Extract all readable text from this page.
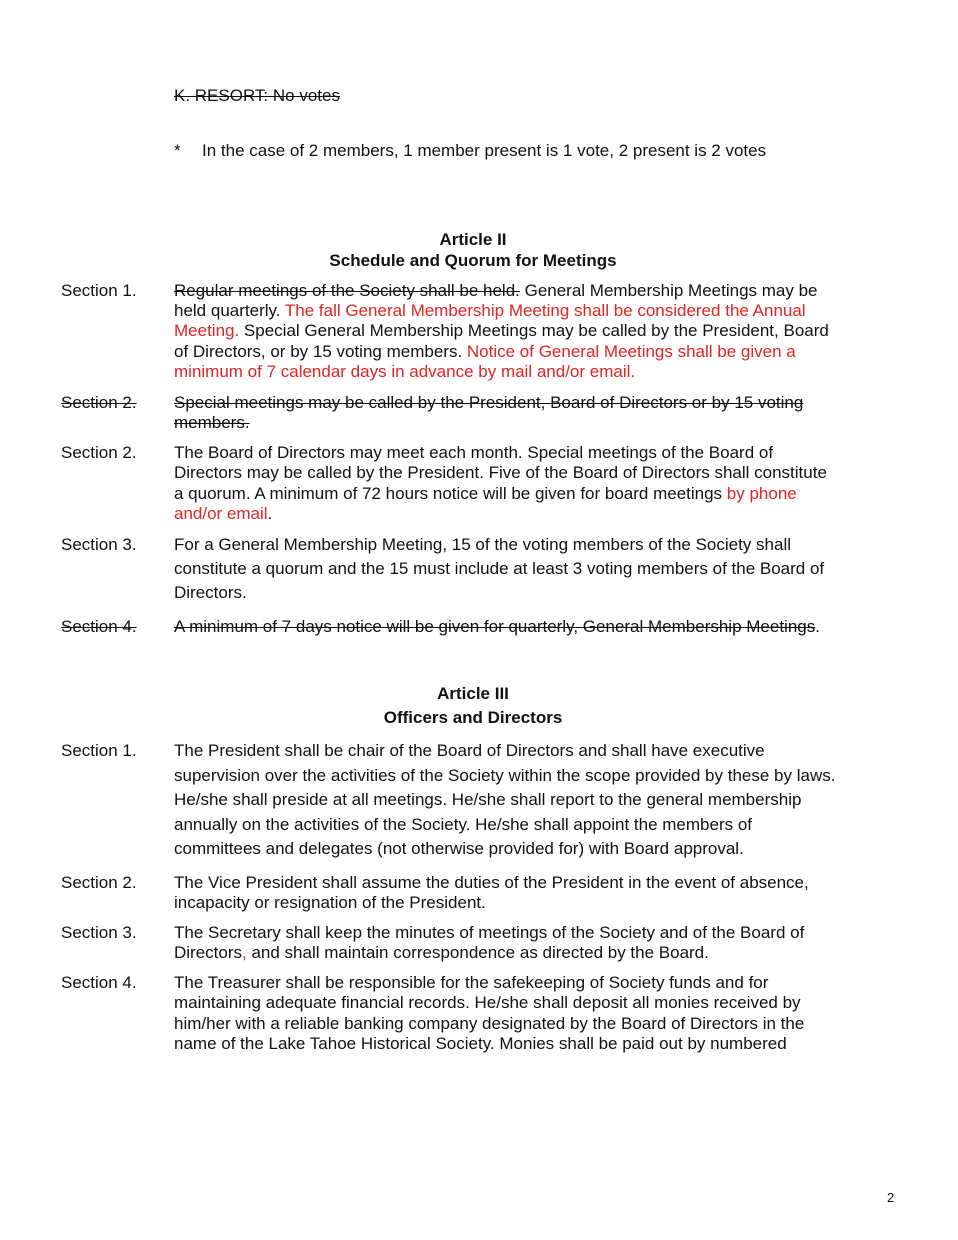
K. RESORT: No votes
* In the case of 2 members, 1 member present is 1 vote, 2 present is 2 votes
Article II
Schedule and Quorum for Meetings
Section 1. Regular meetings of the Society shall be held. General Membership Meetings may be
held quarterly. The fall General Membership Meeting shall be considered the Annual
Meeting. Special General Membership Meetings may be called by the President, Board
of Directors, or by 15 voting members. Notice of General Meetings shall be given a
minimum of 7 calendar days in advance by mail and/or email.
Section 2.	Special meetings may be called by the President, Board of Directors or by 15 voting
members.
Section 2. The Board of Directors may meet each month. Special meetings of the Board of
Directors may be called by the President. Five of the Board of Directors shall constitute
a quorum. A minimum of 72 hours notice will be given for board meetings by phone
and/or email.
Section 3. For a General Membership Meeting, 15 of the voting members of the Society shall
constitute a quorum and the 15 must include at least 3 voting members of the Board of
Directors.
Section 4.	A minimum of 7 days notice will be given for quarterly, General Membership Meetings.
Article III
Officers and Directors
Section 1. The President shall be chair of the Board of Directors and shall have executive
supervision over the activities of the Society within the scope provided by these by laws.
He/she shall preside at all meetings. He/she shall report to the general membership
annually on the activities of the Society. He/she shall appoint the members of
committees and delegates (not otherwise provided for) with Board approval.
Section 2. The Vice President shall assume the duties of the President in the event of absence,
incapacity or resignation of the President.
Section 3. The Secretary shall keep the minutes of meetings of the Society and of the Board of
Directors, and shall maintain correspondence as directed by the Board.
Section 4. The Treasurer shall be responsible for the safekeeping of Society funds and for
maintaining adequate financial records. He/she shall deposit all monies received by
him/her with a reliable banking company designated by the Board of Directors in the
name of the Lake Tahoe Historical Society. Monies shall be paid out by numbered
2
